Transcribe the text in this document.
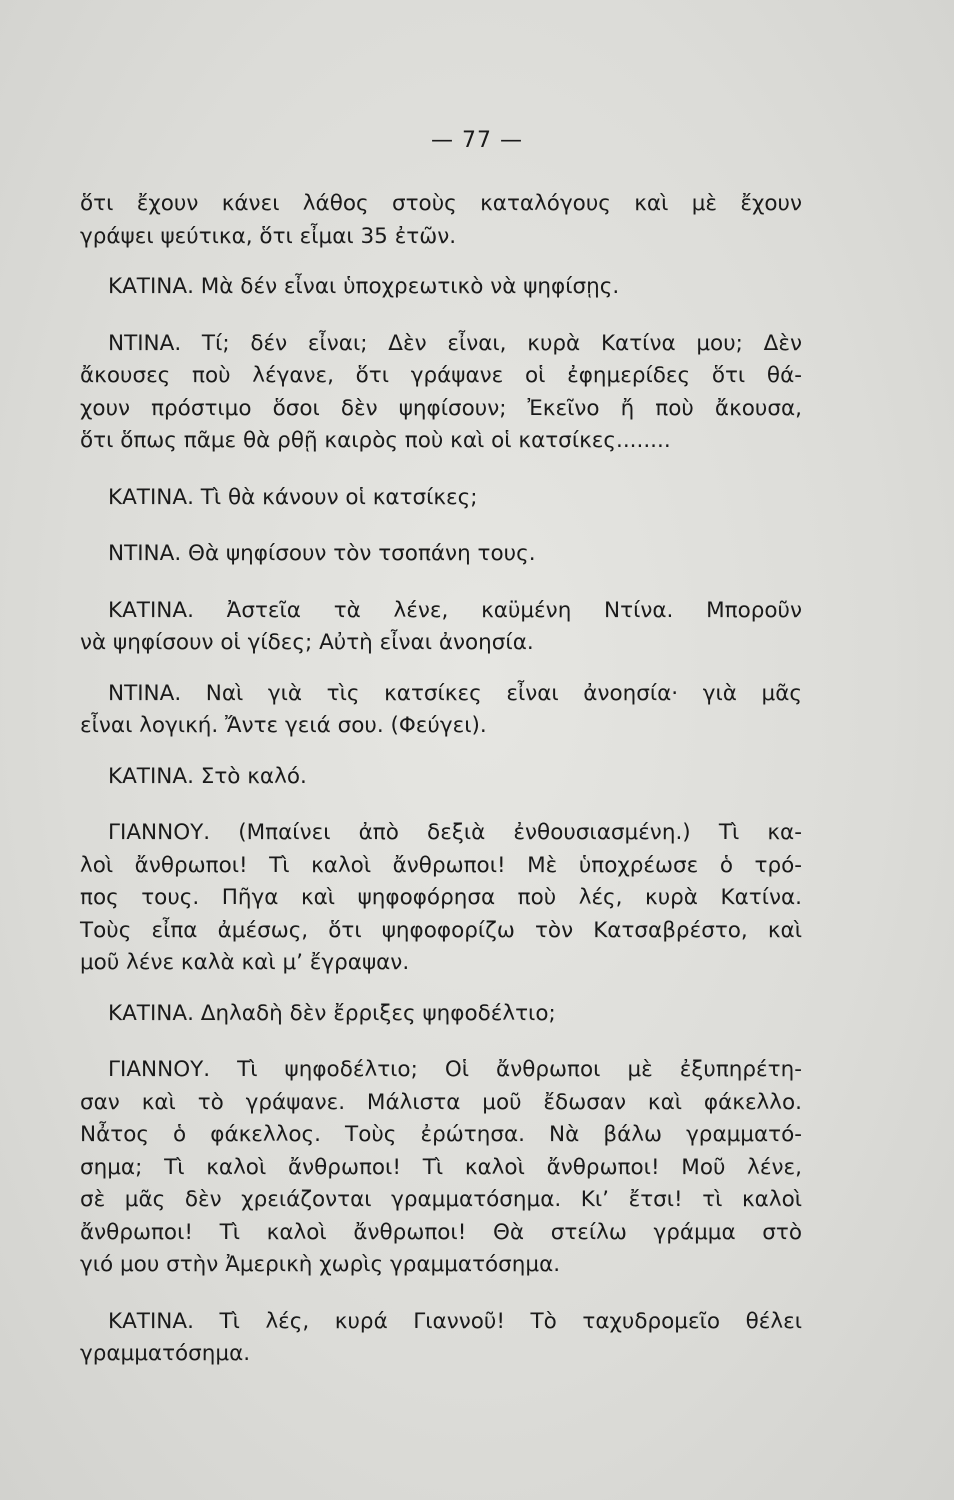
— 77 —
ὅτι ἔχουν κάνει λάθος στοὺς καταλόγους καὶ μὲ ἔχουν
γράψει ψεύτικα, ὅτι εἶμαι 35 ἐτῶν.
ΚΑΤΙΝΑ. Μὰ δέν εἶναι ὑποχρεωτικὸ νὰ ψηφίσῃς.
ΝΤΙΝΑ. Τί; δέν εἶναι; Δὲν εἶναι, κυρὰ Κατίνα μου; Δὲν
ἄκουσες ποὺ λέγανε, ὅτι γράψανε οἱ ἐφημερίδες ὅτι θά-
χουν πρόστιμο ὅσοι δὲν ψηφίσουν; Ἐκεῖνο ἤ ποὺ ἄκουσα,
ὅτι ὅπως πᾶμε θὰ ρθῇ καιρὸς ποὺ καὶ οἱ κατσίκες........
ΚΑΤΙΝΑ. Τὶ θὰ κάνουν οἱ κατσίκες;
ΝΤΙΝΑ. Θὰ ψηφίσουν τὸν τσοπάνη τους.
ΚΑΤΙΝΑ. Ἀστεῖα τὰ λένε, καϋμένη Ντίνα. Μποροῦν
νὰ ψηφίσουν οἱ γίδες; Αὐτὴ εἶναι ἀνοησία.
ΝΤΙΝΑ. Ναὶ γιὰ τὶς κατσίκες εἶναι ἀνοησία· γιὰ μᾶς
εἶναι λογική. Ἄντε γειά σου. (Φεύγει).
ΚΑΤΙΝΑ. Στὸ καλό.
ΓΙΑΝΝΟΥ. (Μπαίνει ἀπὸ δεξιὰ ἐνθουσιασμένη.) Τὶ κα-
λοὶ ἄνθρωποι! Τὶ καλοὶ ἄνθρωποι! Μὲ ὑποχρέωσε ὁ τρό-
πος τους. Πῆγα καὶ ψηφοφόρησα ποὺ λές, κυρὰ Κατίνα.
Τοὺς εἶπα ἀμέσως, ὅτι ψηφοφορίζω τὸν Κατσαβρέστο, καὶ
μοῦ λένε καλὰ καὶ μ’ ἔγραψαν.
ΚΑΤΙΝΑ. Δηλαδὴ δὲν ἔρριξες ψηφοδέλτιο;
ΓΙΑΝΝΟΥ. Τὶ ψηφοδέλτιο; Οἱ ἄνθρωποι μὲ ἐξυπηρέτη-
σαν καὶ τὸ γράψανε. Μάλιστα μοῦ ἔδωσαν καὶ φάκελλο.
Νἆτος ὁ φάκελλος. Τοὺς ἐρώτησα. Νὰ βάλω γραμματό-
σημα; Τὶ καλοὶ ἄνθρωποι! Τὶ καλοὶ ἄνθρωποι! Μοῦ λένε,
σὲ μᾶς δὲν χρειάζονται γραμματόσημα. Κι’ ἔτσι! τὶ καλοὶ
ἄνθρωποι! Τὶ καλοὶ ἄνθρωποι! Θὰ στείλω γράμμα στὸ
γιό μου στὴν Ἀμερικὴ χωρὶς γραμματόσημα.
ΚΑΤΙΝΑ. Τὶ λές, κυρά Γιαννοῦ! Τὸ ταχυδρομεῖο θέλει
γραμματόσημα.
